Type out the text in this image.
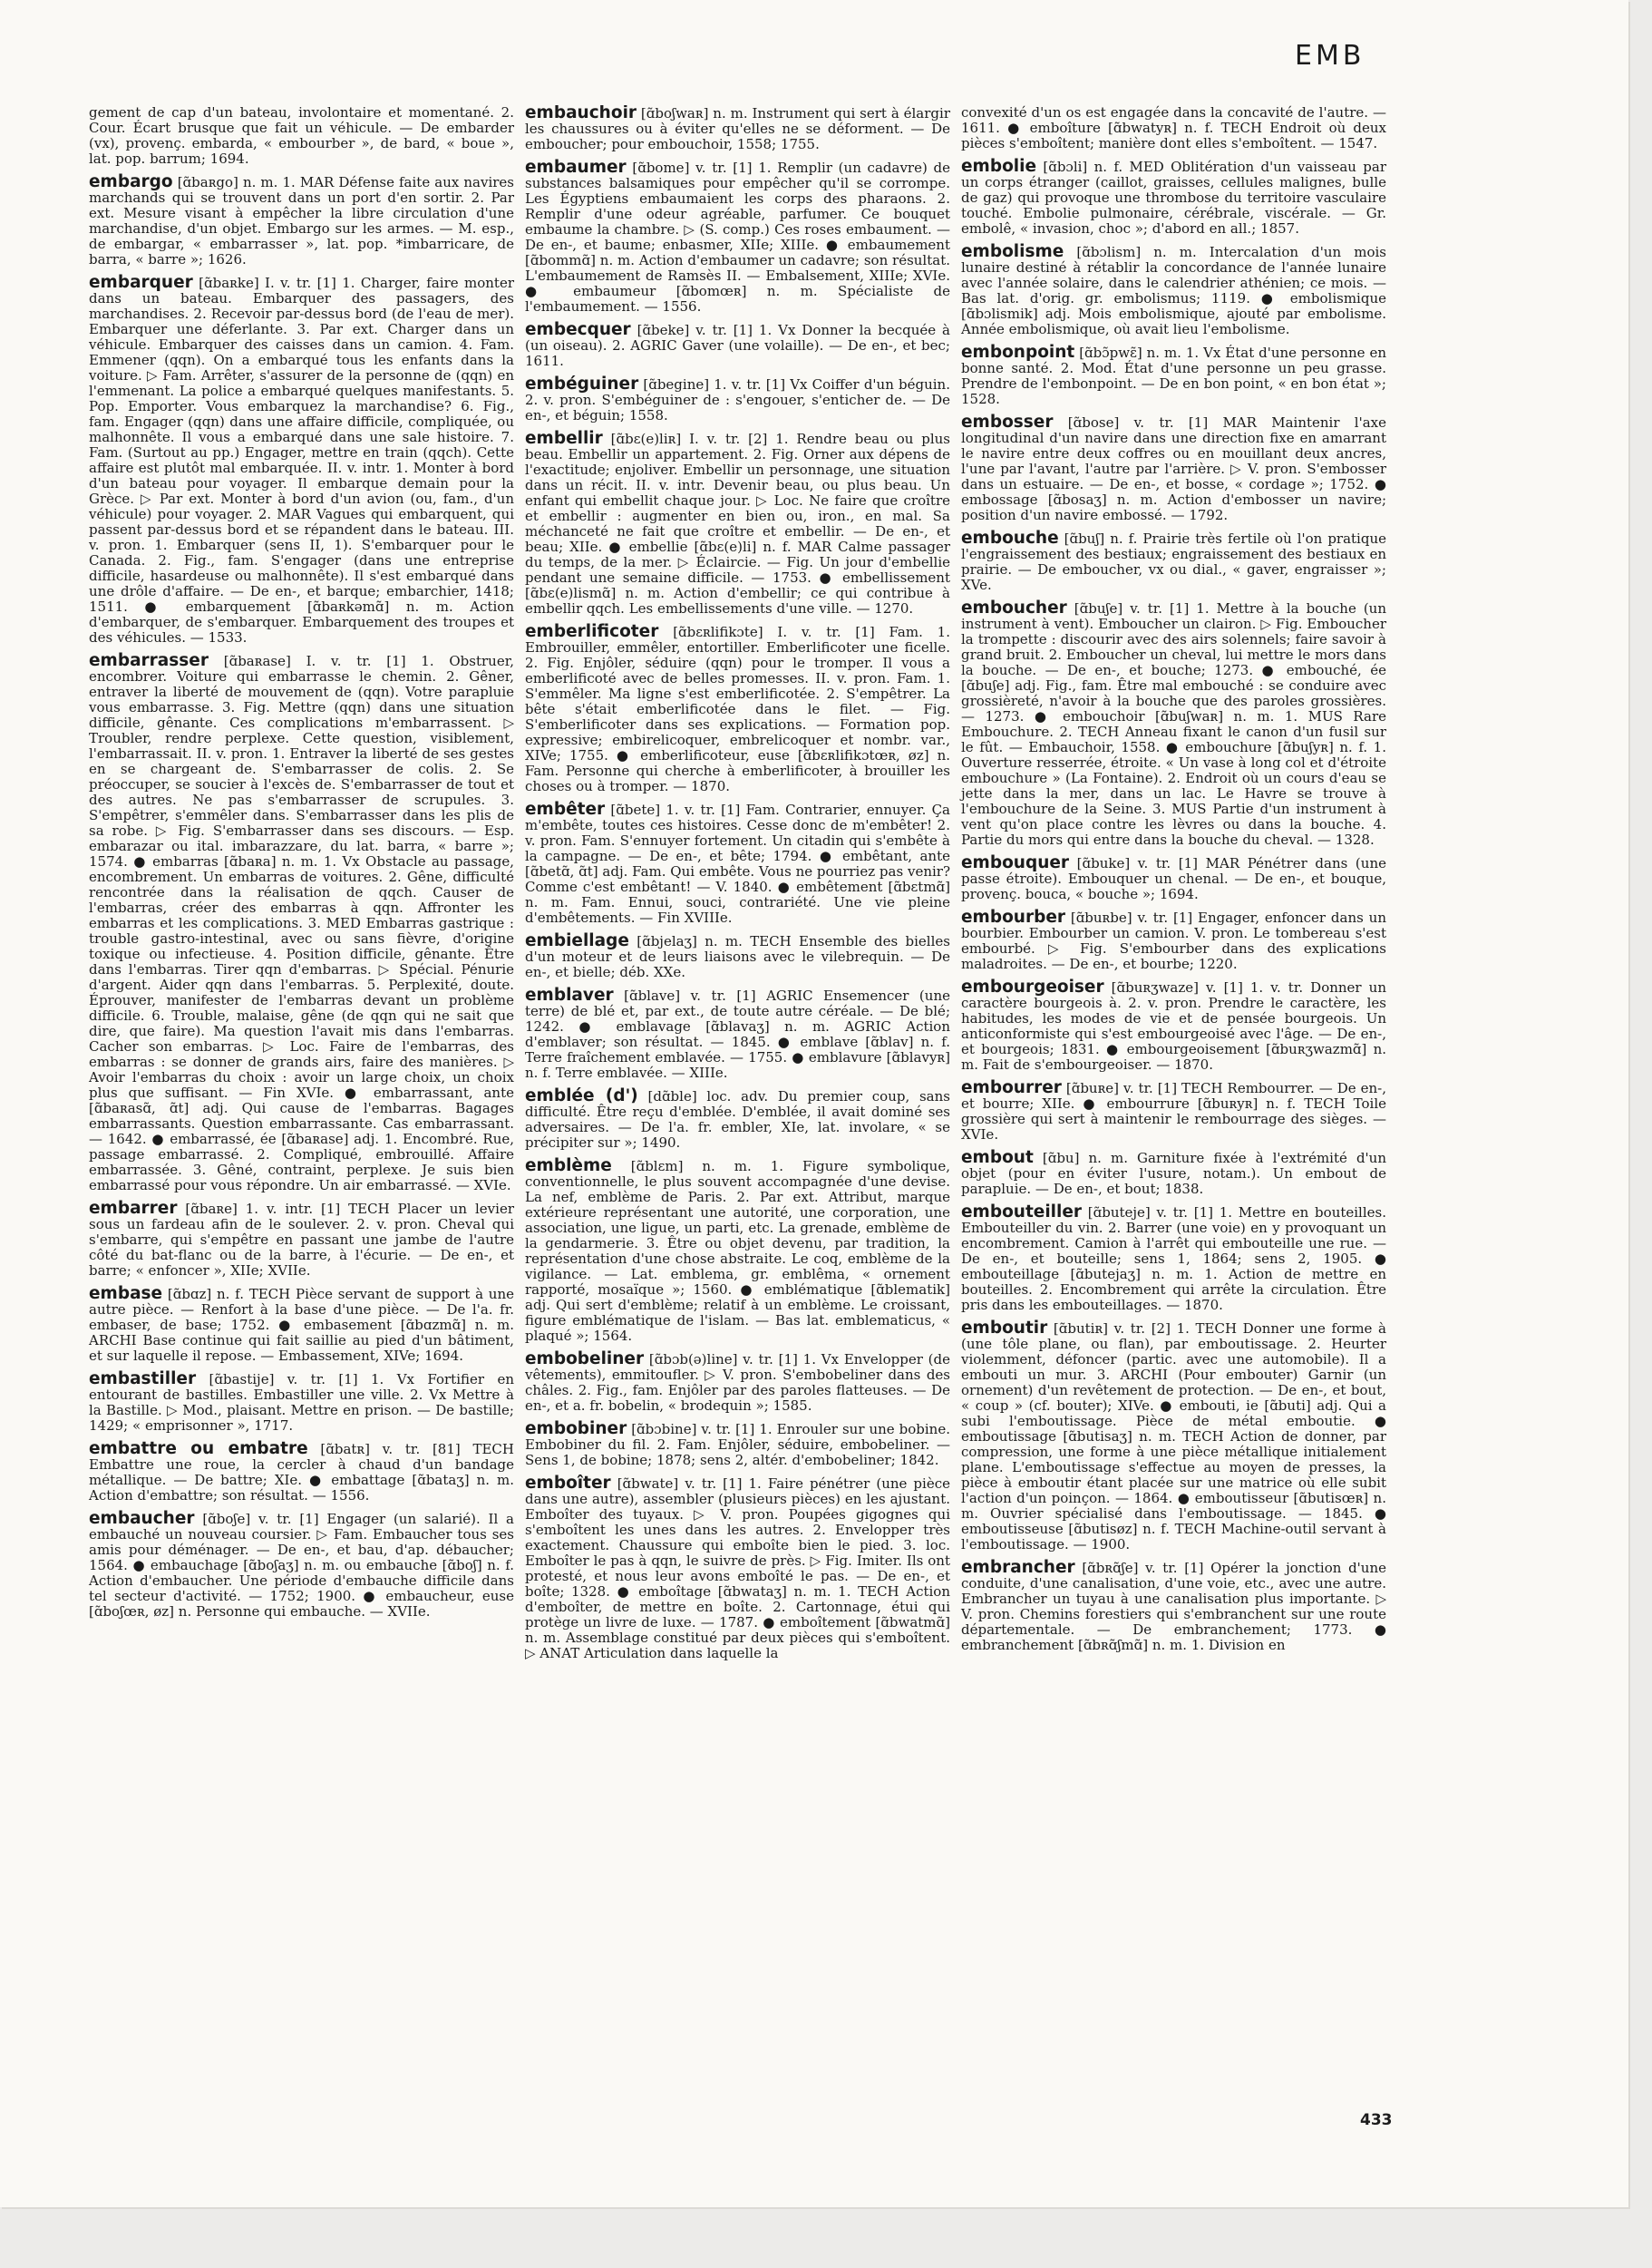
EMB
gement de cap d'un bateau, involontaire et momentané. 2. Cour. Écart brusque que fait un véhicule. — De embarder (vx), provenç. embarda, « embourber », de bard, « boue », lat. pop. barrum; 1694.
embargo [ɑ̃baʀgo] n. m. 1. MAR Défense faite aux navires marchands qui se trouvent dans un port d'en sortir. 2. Par ext. Mesure visant à empêcher la libre circulation d'une marchandise, d'un objet. Embargo sur les armes. — M. esp., de embargar, « embarrasser », lat. pop. *imbarricare, de barra, « barre »; 1626.
embarquer [ɑ̃baʀke] I. v. tr. [1] 1. Charger, faire monter dans un bateau. Embarquer des passagers, des marchandises. 2. Recevoir par-dessus bord (de l'eau de mer). Embarquer une déferlante. 3. Par ext. Charger dans un véhicule. Embarquer des caisses dans un camion. 4. Fam. Emmener (qqn). On a embarqué tous les enfants dans la voiture. ▷ Fam. Arrêter, s'assurer de la personne de (qqn) en l'emmenant. La police a embarqué quelques manifestants. 5. Pop. Emporter. Vous embarquez la marchandise? 6. Fig., fam. Engager (qqn) dans une affaire difficile, compliquée, ou malhonnête. Il vous a embarqué dans une sale histoire. 7. Fam. (Surtout au pp.) Engager, mettre en train (qqch). Cette affaire est plutôt mal embarquée. II. v. intr. 1. Monter à bord d'un bateau pour voyager. Il embarque demain pour la Grèce. ▷ Par ext. Monter à bord d'un avion (ou, fam., d'un véhicule) pour voyager. 2. MAR Vagues qui embarquent, qui passent par-dessus bord et se répandent dans le bateau. III. v. pron. 1. Embarquer (sens II, 1). S'embarquer pour le Canada. 2. Fig., fam. S'engager (dans une entreprise difficile, hasardeuse ou malhonnête). Il s'est embarqué dans une drôle d'affaire. — De en-, et barque; embarchier, 1418; 1511. ● embarquement [ɑ̃baʀkəmɑ̃] n. m. Action d'embarquer, de s'embarquer. Embarquement des troupes et des véhicules. — 1533.
embarrasser [ɑ̃baʀase] I. v. tr. [1] 1. Obstruer, encombrer. Voiture qui embarrasse le chemin. 2. Gêner, entraver la liberté de mouvement de (qqn). Votre parapluie vous embarrasse. 3. Fig. Mettre (qqn) dans une situation difficile, gênante. Ces complications m'embarrassent. ▷ Troubler, rendre perplexe. Cette question, visiblement, l'embarrassait. II. v. pron. 1. Entraver la liberté de ses gestes en se chargeant de. S'embarrasser de colis. 2. Se préoccuper, se soucier à l'excès de. S'embarrasser de tout et des autres. Ne pas s'embarrasser de scrupules. 3. S'empêtrer, s'emmêler dans. S'embarrasser dans les plis de sa robe. ▷ Fig. S'embarrasser dans ses discours. — Esp. embarazar ou ital. imbarazzare, du lat. barra, « barre »; 1574. ● embarras [ɑ̃baʀa] n. m. 1. Vx Obstacle au passage, encombrement. Un embarras de voitures. 2. Gêne, difficulté rencontrée dans la réalisation de qqch. Causer de l'embarras, créer des embarras à qqn. Affronter les embarras et les complications. 3. MED Embarras gastrique : trouble gastro-intestinal, avec ou sans fièvre, d'origine toxique ou infectieuse. 4. Position difficile, gênante. Être dans l'embarras. Tirer qqn d'embarras. ▷ Spécial. Pénurie d'argent. Aider qqn dans l'embarras. 5. Perplexité, doute. Éprouver, manifester de l'embarras devant un problème difficile. 6. Trouble, malaise, gêne (de qqn qui ne sait que dire, que faire). Ma question l'avait mis dans l'embarras. Cacher son embarras. ▷ Loc. Faire de l'embarras, des embarras : se donner de grands airs, faire des manières. ▷ Avoir l'embarras du choix : avoir un large choix, un choix plus que suffisant. — Fin XVIe. ● embarrassant, ante [ɑ̃baʀasɑ̃, ɑ̃t] adj. Qui cause de l'embarras. Bagages embarrassants. Question embarrassante. Cas embarrassant. — 1642. ● embarrassé, ée [ɑ̃baʀase] adj. 1. Encombré. Rue, passage embarrassé. 2. Compliqué, embrouillé. Affaire embarrassée. 3. Gêné, contraint, perplexe. Je suis bien embarrassé pour vous répondre. Un air embarrassé. — XVIe.
embarrer [ɑ̃baʀe] 1. v. intr. [1] TECH Placer un levier sous un fardeau afin de le soulever. 2. v. pron. Cheval qui s'embarre, qui s'empêtre en passant une jambe de l'autre côté du bat-flanc ou de la barre, à l'écurie. — De en-, et barre; « enfoncer », XIIe; XVIIe.
embase [ɑ̃bɑz] n. f. TECH Pièce servant de support à une autre pièce. — Renfort à la base d'une pièce. — De l'a. fr. embaser, de base; 1752. ● embasement [ɑ̃bɑzmɑ̃] n. m. ARCHI Base continue qui fait saillie au pied d'un bâtiment, et sur laquelle il repose. — Embassement, XIVe; 1694.
embastiller [ɑ̃bastije] v. tr. [1] 1. Vx Fortifier en entourant de bastilles. Embastiller une ville. 2. Vx Mettre à la Bastille. ▷ Mod., plaisant. Mettre en prison. — De bastille; 1429; « emprisonner », 1717.
embattre ou embatre [ɑ̃batʀ] v. tr. [81] TECH Embattre une roue, la cercler à chaud d'un bandage métallique. — De battre; XIe. ● embattage [ɑ̃bataʒ] n. m. Action d'embattre; son résultat. — 1556.
embaucher [ɑ̃boʃe] v. tr. [1] Engager (un salarié). Il a embauché un nouveau coursier. ▷ Fam. Embaucher tous ses amis pour déménager. — De en-, et bau, d'ap. débaucher; 1564. ● embauchage [ɑ̃boʃaʒ] n. m. ou embauche [ɑ̃boʃ] n. f. Action d'embaucher. Une période d'embauche difficile dans tel secteur d'activité. — 1752; 1900. ● embaucheur, euse [ɑ̃boʃœʀ, øz] n. Personne qui embauche. — XVIIe.
embauchoir [ɑ̃boʃwaʀ] n. m. Instrument qui sert à élargir les chaussures ou à éviter qu'elles ne se déforment. — De emboucher; pour embouchoir, 1558; 1755.
embaumer [ɑ̃bome] v. tr. [1] 1. Remplir (un cadavre) de substances balsamiques pour empêcher qu'il se corrompe. Les Égyptiens embaumaient les corps des pharaons. 2. Remplir d'une odeur agréable, parfumer. Ce bouquet embaume la chambre. ▷ (S. comp.) Ces roses embaument. — De en-, et baume; enbasmer, XIIe; XIIIe. ● embaumement [ɑ̃bommɑ̃] n. m. Action d'embaumer un cadavre; son résultat. L'embaumement de Ramsès II. — Embalsement, XIIIe; XVIe. ● embaumeur [ɑ̃bomœʀ] n. m. Spécialiste de l'embaumement. — 1556.
embecquer [ɑ̃beke] v. tr. [1] 1. Vx Donner la becquée à (un oiseau). 2. AGRIC Gaver (une volaille). — De en-, et bec; 1611.
embéguiner [ɑ̃begine] 1. v. tr. [1] Vx Coiffer d'un béguin. 2. v. pron. S'embéguiner de : s'engouer, s'enticher de. — De en-, et béguin; 1558.
embellir [ɑ̃bɛ(e)liʀ] I. v. tr. [2] 1. Rendre beau ou plus beau. Embellir un appartement. 2. Fig. Orner aux dépens de l'exactitude; enjoliver. Embellir un personnage, une situation dans un récit. II. v. intr. Devenir beau, ou plus beau. Un enfant qui embellit chaque jour. ▷ Loc. Ne faire que croître et embellir : augmenter en bien ou, iron., en mal. Sa méchanceté ne fait que croître et embellir. — De en-, et beau; XIIe. ● embellie [ɑ̃bɛ(e)li] n. f. MAR Calme passager du temps, de la mer. ▷ Éclaircie. — Fig. Un jour d'embellie pendant une semaine difficile. — 1753. ● embellissement [ɑ̃bɛ(e)lismɑ̃] n. m. Action d'embellir; ce qui contribue à embellir qqch. Les embellissements d'une ville. — 1270.
emberlificoter [ɑ̃bɛʀlifikɔte] I. v. tr. [1] Fam. 1. Embrouiller, emmêler, entortiller. Emberlificoter une ficelle. 2. Fig. Enjôler, séduire (qqn) pour le tromper. Il vous a emberlificoté avec de belles promesses. II. v. pron. Fam. 1. S'emmêler. Ma ligne s'est emberlificotée. 2. S'empêtrer. La bête s'était emberlificotée dans le filet. — Fig. S'emberlificoter dans ses explications. — Formation pop. expressive; embirelicoquer, embrelicoquer et nombr. var., XIVe; 1755. ● emberlificoteur, euse [ɑ̃bɛʀlifikɔtœʀ, øz] n. Fam. Personne qui cherche à emberlificoter, à brouiller les choses ou à tromper. — 1870.
embêter [ɑ̃bete] 1. v. tr. [1] Fam. Contrarier, ennuyer. Ça m'embête, toutes ces histoires. Cesse donc de m'embêter! 2. v. pron. Fam. S'ennuyer fortement. Un citadin qui s'embête à la campagne. — De en-, et bête; 1794. ● embêtant, ante [ɑ̃betɑ̃, ɑ̃t] adj. Fam. Qui embête. Vous ne pourriez pas venir? Comme c'est embêtant! — V. 1840. ● embêtement [ɑ̃bɛtmɑ̃] n. m. Fam. Ennui, souci, contrariété. Une vie pleine d'embêtements. — Fin XVIIIe.
embiellage [ɑ̃bjelaʒ] n. m. TECH Ensemble des bielles d'un moteur et de leurs liaisons avec le vilebrequin. — De en-, et bielle; déb. XXe.
emblaver [ɑ̃blave] v. tr. [1] AGRIC Ensemencer (une terre) de blé et, par ext., de toute autre céréale. — De blé; 1242. ● emblavage [ɑ̃blavaʒ] n. m. AGRIC Action d'emblaver; son résultat. — 1845. ● emblave [ɑ̃blav] n. f. Terre fraîchement emblavée. — 1755. ● emblavure [ɑ̃blavyʀ] n. f. Terre emblavée. — XIIIe.
emblée (d') [dɑ̃ble] loc. adv. Du premier coup, sans difficulté. Être reçu d'emblée. D'emblée, il avait dominé ses adversaires. — De l'a. fr. embler, XIe, lat. involare, « se précipiter sur »; 1490.
emblème [ɑ̃blɛm] n. m. 1. Figure symbolique, conventionnelle, le plus souvent accompagnée d'une devise. La nef, emblème de Paris. 2. Par ext. Attribut, marque extérieure représentant une autorité, une corporation, une association, une ligue, un parti, etc. La grenade, emblème de la gendarmerie. 3. Être ou objet devenu, par tradition, la représentation d'une chose abstraite. Le coq, emblème de la vigilance. — Lat. emblema, gr. emblêma, « ornement rapporté, mosaïque »; 1560. ● emblématique [ɑ̃blematik] adj. Qui sert d'emblème; relatif à un emblème. Le croissant, figure emblématique de l'islam. — Bas lat. emblematicus, « plaqué »; 1564.
embobeliner [ɑ̃bɔb(ə)line] v. tr. [1] 1. Vx Envelopper (de vêtements), emmitoufler. ▷ V. pron. S'embobeliner dans des châles. 2. Fig., fam. Enjôler par des paroles flatteuses. — De en-, et a. fr. bobelin, « brodequin »; 1585.
embobiner [ɑ̃bɔbine] v. tr. [1] 1. Enrouler sur une bobine. Embobiner du fil. 2. Fam. Enjôler, séduire, embobeliner. — Sens 1, de bobine; 1878; sens 2, altér. d'embobeliner; 1842.
emboîter [ɑ̃bwate] v. tr. [1] 1. Faire pénétrer (une pièce dans une autre), assembler (plusieurs pièces) en les ajustant. Emboîter des tuyaux. ▷ V. pron. Poupées gigognes qui s'emboîtent les unes dans les autres. 2. Envelopper très exactement. Chaussure qui emboîte bien le pied. 3. loc. Emboîter le pas à qqn, le suivre de près. ▷ Fig. Imiter. Ils ont protesté, et nous leur avons emboîté le pas. — De en-, et boîte; 1328. ● emboîtage [ɑ̃bwataʒ] n. m. 1. TECH Action d'emboîter, de mettre en boîte. 2. Cartonnage, étui qui protège un livre de luxe. — 1787. ● emboîtement [ɑ̃bwatmɑ̃] n. m. Assemblage constitué par deux pièces qui s'emboîtent. ▷ ANAT Articulation dans laquelle la
convexité d'un os est engagée dans la concavité de l'autre. — 1611. ● emboîture [ɑ̃bwatyʀ] n. f. TECH Endroit où deux pièces s'emboîtent; manière dont elles s'emboîtent. — 1547.
embolie [ɑ̃bɔli] n. f. MED Oblitération d'un vaisseau par un corps étranger (caillot, graisses, cellules malignes, bulle de gaz) qui provoque une thrombose du territoire vasculaire touché. Embolie pulmonaire, cérébrale, viscérale. — Gr. embolê, « invasion, choc »; d'abord en all.; 1857.
embolisme [ɑ̃bɔlism] n. m. Intercalation d'un mois lunaire destiné à rétablir la concordance de l'année lunaire avec l'année solaire, dans le calendrier athénien; ce mois. — Bas lat. d'orig. gr. embolismus; 1119. ● embolismique [ɑ̃bɔlismik] adj. Mois embolismique, ajouté par embolisme. Année embolismique, où avait lieu l'embolisme.
embonpoint [ɑ̃bɔ̃pwɛ̃] n. m. 1. Vx État d'une personne en bonne santé. 2. Mod. État d'une personne un peu grasse. Prendre de l'embonpoint. — De en bon point, « en bon état »; 1528.
embosser [ɑ̃bose] v. tr. [1] MAR Maintenir l'axe longitudinal d'un navire dans une direction fixe en amarrant le navire entre deux coffres ou en mouillant deux ancres, l'une par l'avant, l'autre par l'arrière. ▷ V. pron. S'embosser dans un estuaire. — De en-, et bosse, « cordage »; 1752. ● embossage [ɑ̃bosaʒ] n. m. Action d'embosser un navire; position d'un navire embossé. — 1792.
embouche [ɑ̃buʃ] n. f. Prairie très fertile où l'on pratique l'engraissement des bestiaux; engraissement des bestiaux en prairie. — De emboucher, vx ou dial., « gaver, engraisser »; XVe.
emboucher [ɑ̃buʃe] v. tr. [1] 1. Mettre à la bouche (un instrument à vent). Emboucher un clairon. ▷ Fig. Emboucher la trompette : discourir avec des airs solennels; faire savoir à grand bruit. 2. Emboucher un cheval, lui mettre le mors dans la bouche. — De en-, et bouche; 1273. ● embouché, ée [ɑ̃buʃe] adj. Fig., fam. Être mal embouché : se conduire avec grossièreté, n'avoir à la bouche que des paroles grossières. — 1273. ● embouchoir [ɑ̃buʃwaʀ] n. m. 1. MUS Rare Embouchure. 2. TECH Anneau fixant le canon d'un fusil sur le fût. — Embauchoir, 1558. ● embouchure [ɑ̃buʃyʀ] n. f. 1. Ouverture resserrée, étroite. « Un vase à long col et d'étroite embouchure » (La Fontaine). 2. Endroit où un cours d'eau se jette dans la mer, dans un lac. Le Havre se trouve à l'embouchure de la Seine. 3. MUS Partie d'un instrument à vent qu'on place contre les lèvres ou dans la bouche. 4. Partie du mors qui entre dans la bouche du cheval. — 1328.
embouquer [ɑ̃buke] v. tr. [1] MAR Pénétrer dans (une passe étroite). Embouquer un chenal. — De en-, et bouque, provenç. bouca, « bouche »; 1694.
embourber [ɑ̃buʀbe] v. tr. [1] Engager, enfoncer dans un bourbier. Embourber un camion. V. pron. Le tombereau s'est embourbé. ▷ Fig. S'embourber dans des explications maladroites. — De en-, et bourbe; 1220.
embourgeoiser [ɑ̃buʀʒwaze] v. [1] 1. v. tr. Donner un caractère bourgeois à. 2. v. pron. Prendre le caractère, les habitudes, les modes de vie et de pensée bourgeois. Un anticonformiste qui s'est embourgeoisé avec l'âge. — De en-, et bourgeois; 1831. ● embourgeoisement [ɑ̃buʀʒwazmɑ̃] n. m. Fait de s'embourgeoiser. — 1870.
embourrer [ɑ̃buʀe] v. tr. [1] TECH Rembourrer. — De en-, et bourre; XIIe. ● embourrure [ɑ̃buʀyʀ] n. f. TECH Toile grossière qui sert à maintenir le rembourrage des sièges. — XVIe.
embout [ɑ̃bu] n. m. Garniture fixée à l'extrémité d'un objet (pour en éviter l'usure, notam.). Un embout de parapluie. — De en-, et bout; 1838.
embouteiller [ɑ̃buteje] v. tr. [1] 1. Mettre en bouteilles. Embouteiller du vin. 2. Barrer (une voie) en y provoquant un encombrement. Camion à l'arrêt qui embouteille une rue. — De en-, et bouteille; sens 1, 1864; sens 2, 1905. ● embouteillage [ɑ̃butejaʒ] n. m. 1. Action de mettre en bouteilles. 2. Encombrement qui arrête la circulation. Être pris dans les embouteillages. — 1870.
emboutir [ɑ̃butiʀ] v. tr. [2] 1. TECH Donner une forme à (une tôle plane, ou flan), par emboutissage. 2. Heurter violemment, défoncer (partic. avec une automobile). Il a embouti un mur. 3. ARCHI (Pour embouter) Garnir (un ornement) d'un revêtement de protection. — De en-, et bout, « coup » (cf. bouter); XIVe. ● embouti, ie [ɑ̃buti] adj. Qui a subi l'emboutissage. Pièce de métal emboutie. ● emboutissage [ɑ̃butisaʒ] n. m. TECH Action de donner, par compression, une forme à une pièce métallique initialement plane. L'emboutissage s'effectue au moyen de presses, la pièce à emboutir étant placée sur une matrice où elle subit l'action d'un poinçon. — 1864. ● emboutisseur [ɑ̃butisœʀ] n. m. Ouvrier spécialisé dans l'emboutissage. — 1845. ● emboutisseuse [ɑ̃butisøz] n. f. TECH Machine-outil servant à l'emboutissage. — 1900.
embrancher [ɑ̃bʀɑ̃ʃe] v. tr. [1] Opérer la jonction d'une conduite, d'une canalisation, d'une voie, etc., avec une autre. Embrancher un tuyau à une canalisation plus importante. ▷ V. pron. Chemins forestiers qui s'embranchent sur une route départementale. — De embranchement; 1773. ● embranchement [ɑ̃bʀɑ̃ʃmɑ̃] n. m. 1. Division en
433
